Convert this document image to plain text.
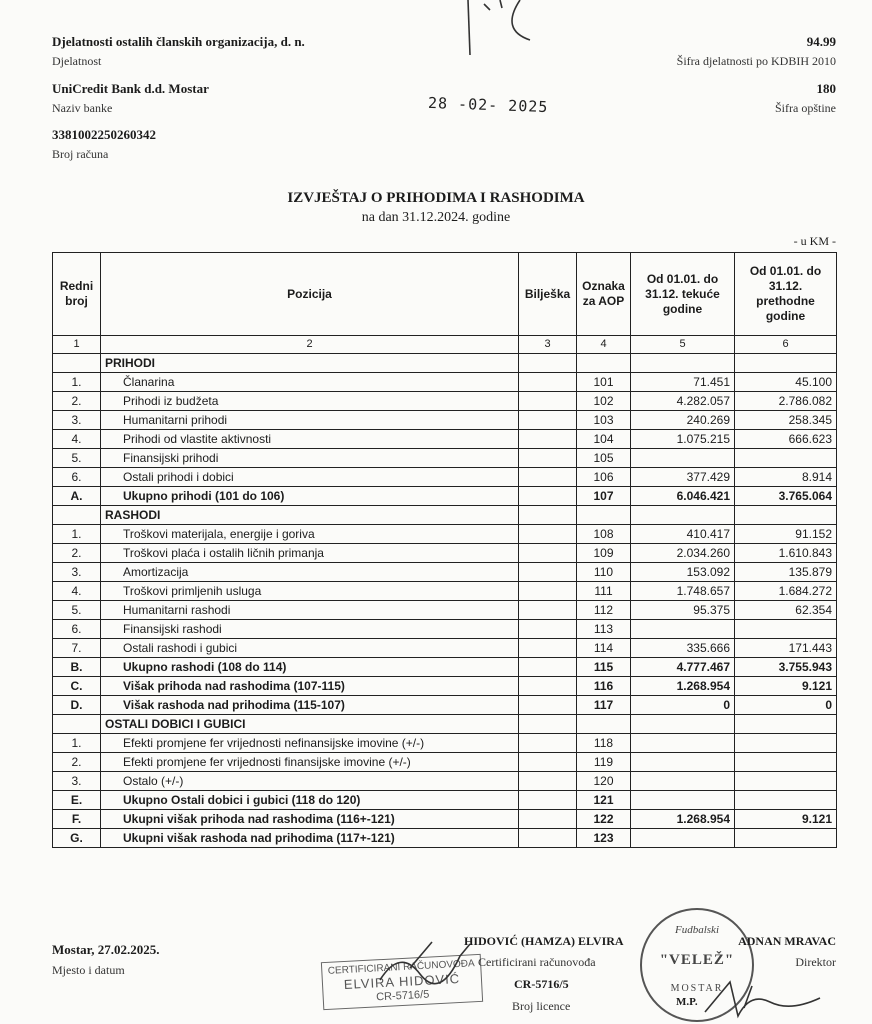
Djelatnosti ostalih članskih organizacija, d. n.
Djelatnost
UniCredit Bank d.d. Mostar
Naziv banke
3381002250260342
Broj računa
28 -02- 2025
94.99
Šifra djelatnosti po KDBIH 2010
180
Šifra opštine
IZVJEŠTAJ O PRIHODIMA I RASHODIMA
na dan 31.12.2024. godine
- u KM -
Redni broj	Pozicija	Bilješka	Oznaka za AOP	Od 01.01. do 31.12. tekuće godine	Od 01.01. do 31.12. prethodne godine
1	2	3	4	5	6
	PRIHODI				
1.	Članarina		101	71.451	45.100
2.	Prihodi iz budžeta		102	4.282.057	2.786.082
3.	Humanitarni prihodi		103	240.269	258.345
4.	Prihodi od vlastite aktivnosti		104	1.075.215	666.623
5.	Finansijski prihodi		105		
6.	Ostali prihodi i dobici		106	377.429	8.914
A.	Ukupno prihodi (101 do 106)		107	6.046.421	3.765.064
	RASHODI				
1.	Troškovi materijala, energije i goriva		108	410.417	91.152
2.	Troškovi plaća i ostalih ličnih primanja		109	2.034.260	1.610.843
3.	Amortizacija		110	153.092	135.879
4.	Troškovi primljenih usluga		111	1.748.657	1.684.272
5.	Humanitarni rashodi		112	95.375	62.354
6.	Finansijski rashodi		113		
7.	Ostali rashodi i gubici		114	335.666	171.443
B.	Ukupno rashodi (108 do 114)		115	4.777.467	3.755.943
C.	Višak prihoda nad rashodima (107-115)		116	1.268.954	9.121
D.	Višak rashoda nad prihodima (115-107)		117	0	0
	OSTALI DOBICI I GUBICI				
1.	Efekti promjene fer vrijednosti nefinansijske imovine (+/-)		118		
2.	Efekti promjene fer vrijednosti finansijske imovine (+/-)		119		
3.	Ostalo (+/-)		120		
E.	Ukupno Ostali dobici i gubici (118 do 120)		121		
F.	Ukupni višak prihoda nad rashodima (116+-121)		122	1.268.954	9.121
G.	Ukupni višak rashoda nad prihodima (117+-121)		123		
Mostar, 27.02.2025.
Mjesto i datum	CERTIFICIRANI RAČUNOVOĐA
ELVIRA HIDOVIĆ
CR-5716/5
HIDOVIĆ (HAMZA) ELVIRA
Certificirani računovođa
CR-5716/5
Broj licence
Fudbalski
"VELEŽ"
MOSTAR
ADNAN MRAVAC
Direktor
M.P.
